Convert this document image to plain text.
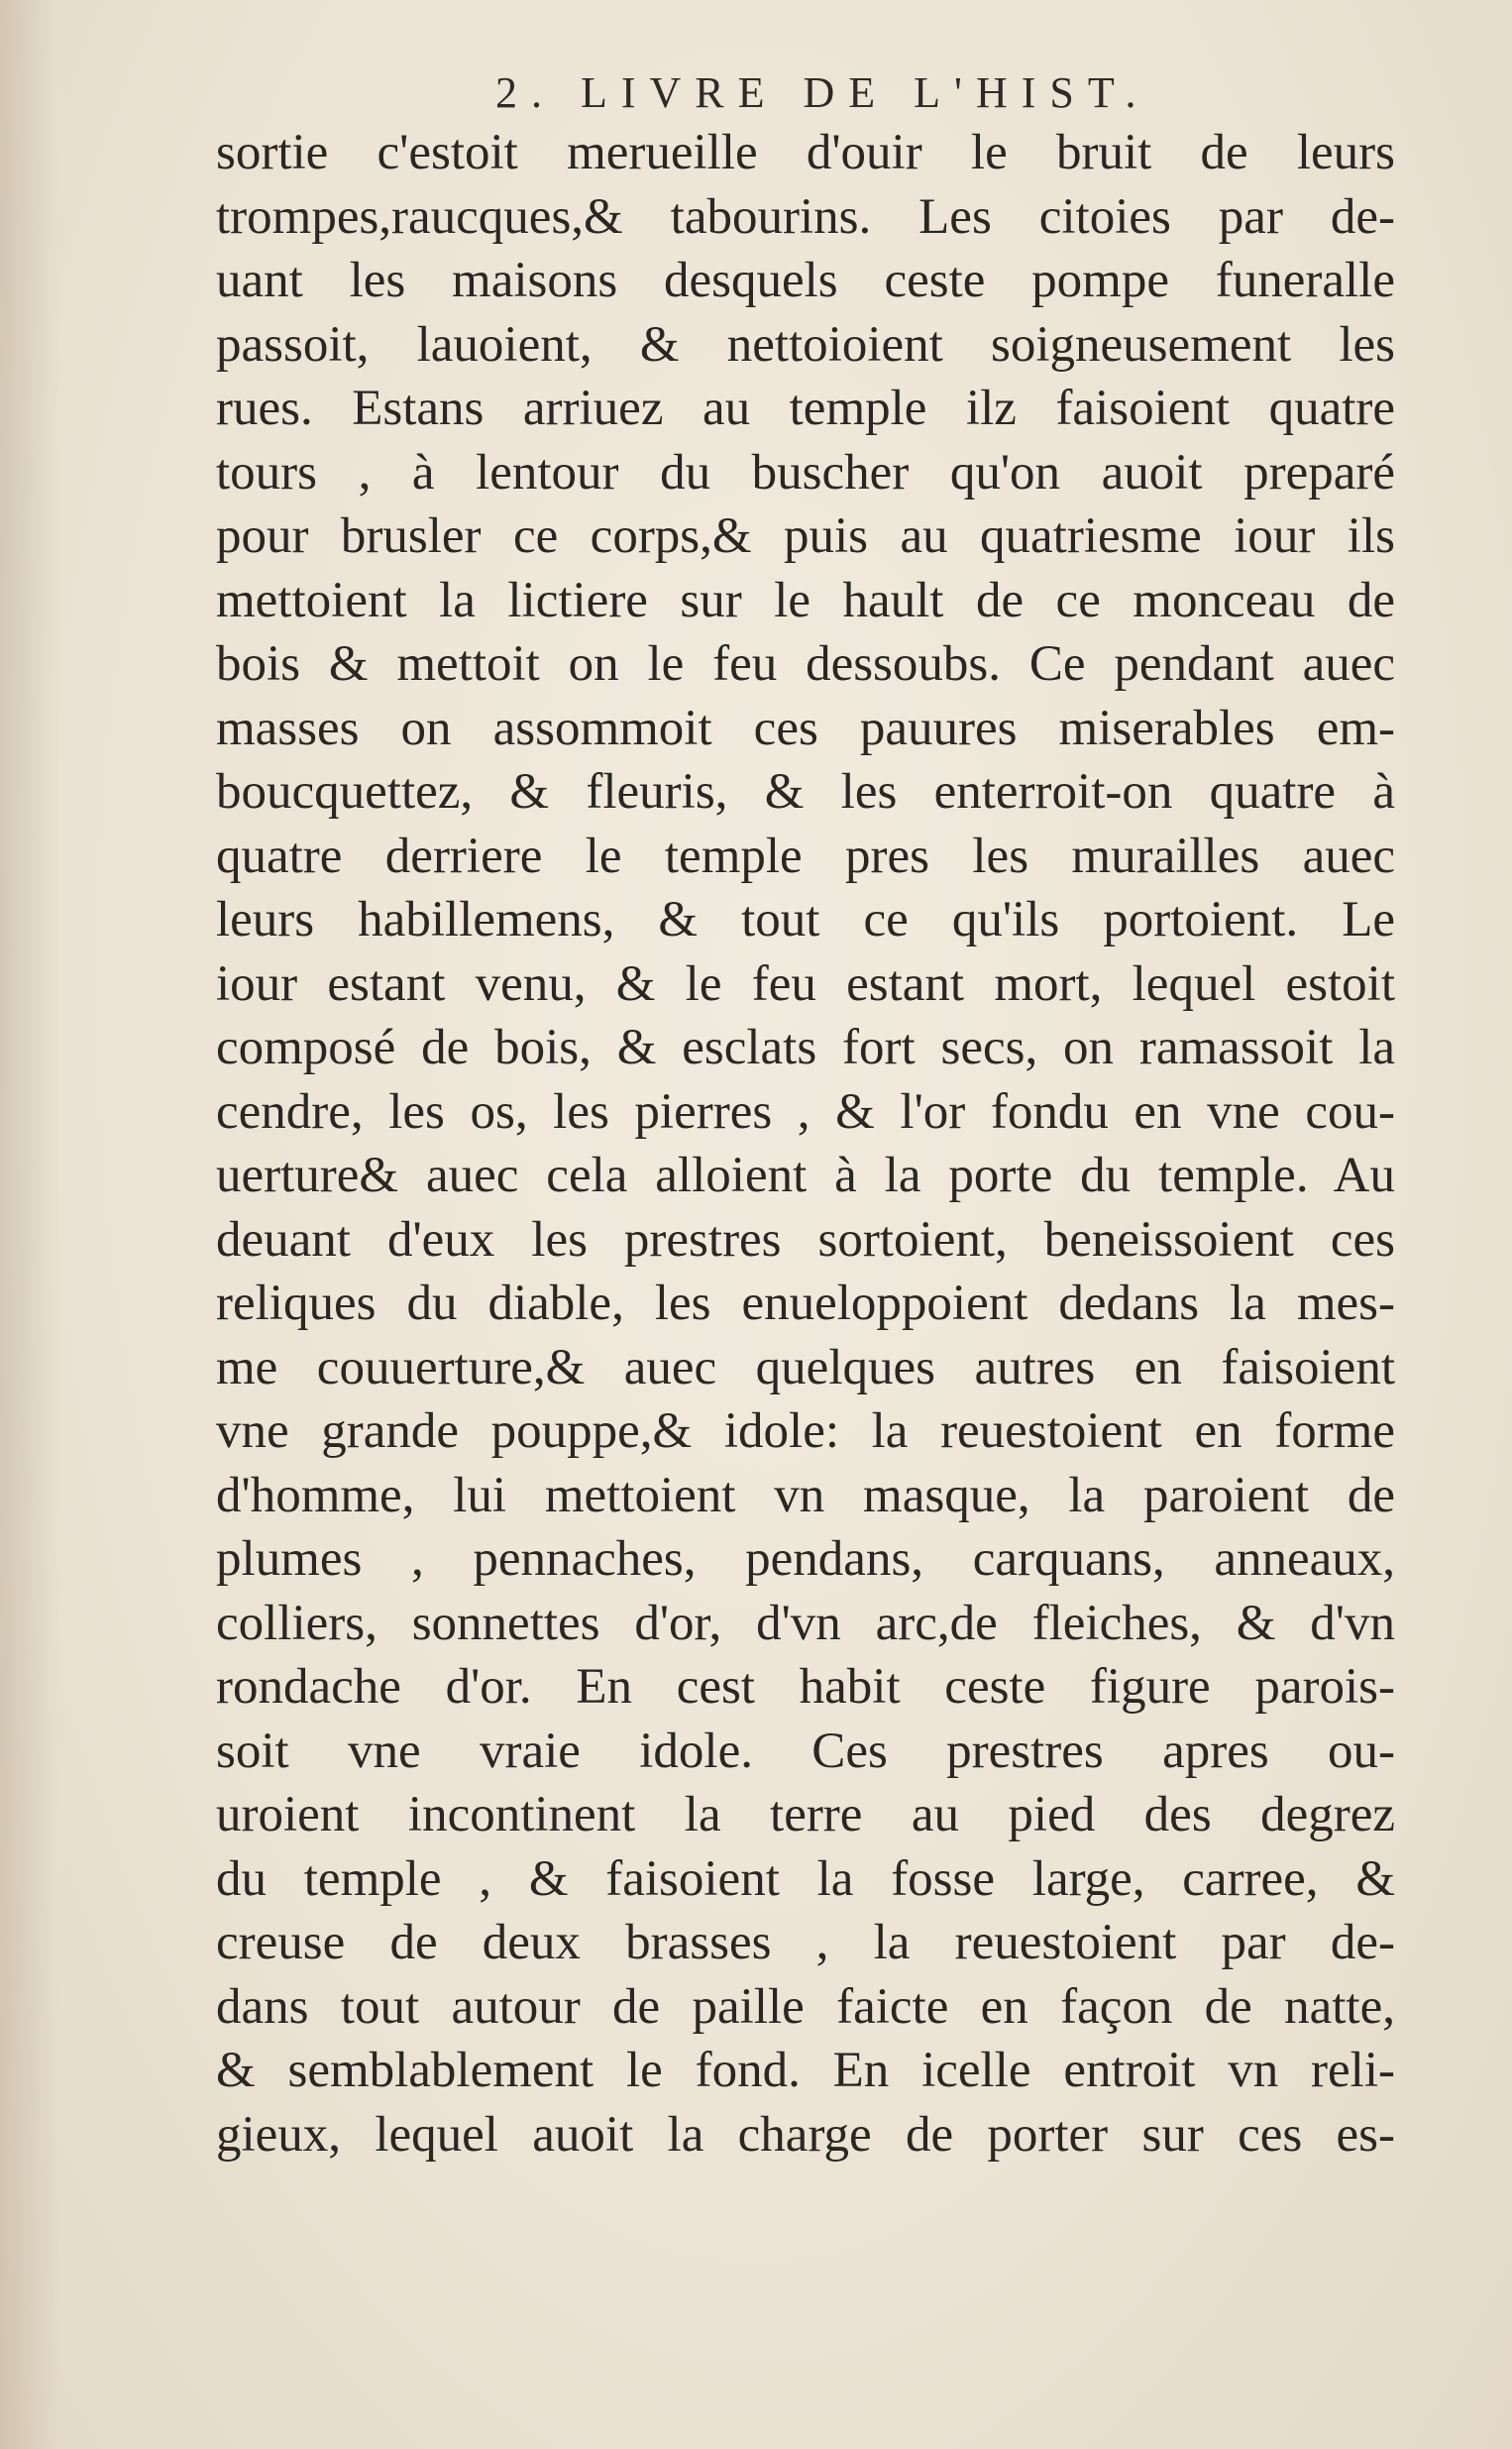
2. LIVRE DE L'HIST.
sortie c'estoit merueille d'ouir le bruit de leurs
trompes,raucques,& tabourins. Les citoies par de-
uant les maisons desquels ceste pompe funeralle
passoit, lauoient, & nettoioient soigneusement les
rues. Estans arriuez au temple ilz faisoient quatre
tours , à lentour du buscher qu'on auoit preparé
pour brusler ce corps,& puis au quatriesme iour ils
mettoient la lictiere sur le hault de ce monceau de
bois & mettoit on le feu dessoubs. Ce pendant auec
masses on assommoit ces pauures miserables em-
boucquettez, & fleuris, & les enterroit-on quatre à
quatre derriere le temple pres les murailles auec
leurs habillemens, & tout ce qu'ils portoient. Le
iour estant venu, & le feu estant mort, lequel estoit
composé de bois, & esclats fort secs, on ramassoit la
cendre, les os, les pierres , & l'or fondu en vne cou-
uerture& auec cela alloient à la porte du temple. Au
deuant d'eux les prestres sortoient, beneissoient ces
reliques du diable, les enueloppoient dedans la mes-
me couuerture,& auec quelques autres en faisoient
vne grande pouppe,& idole: la reuestoient en forme
d'homme, lui mettoient vn masque, la paroient de
plumes , pennaches, pendans, carquans, anneaux,
colliers, sonnettes d'or, d'vn arc,de fleiches, & d'vn
rondache d'or. En cest habit ceste figure parois-
soit vne vraie idole. Ces prestres apres ou-
uroient incontinent la terre au pied des degrez
du temple , & faisoient la fosse large, carree, &
creuse de deux brasses , la reuestoient par de-
dans tout autour de paille faicte en façon de natte,
& semblablement le fond. En icelle entroit vn reli-
gieux, lequel auoit la charge de porter sur ces es-
